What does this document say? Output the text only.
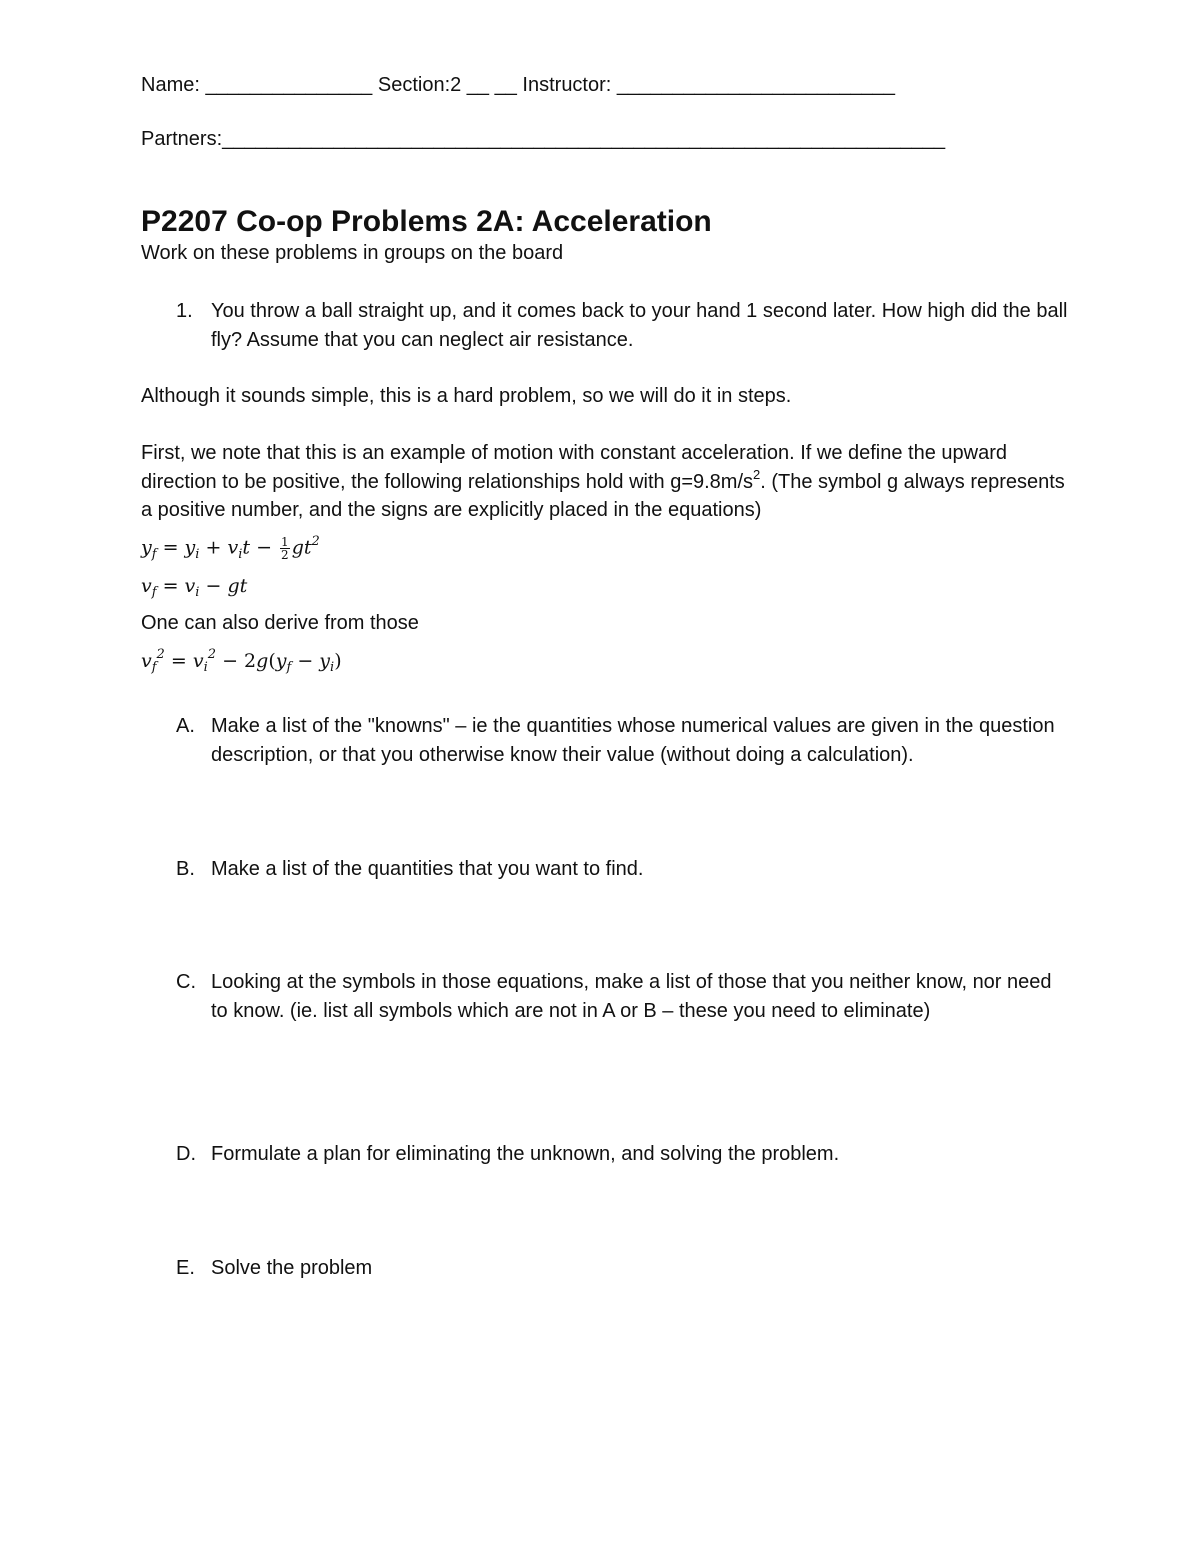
Name: _______________ Section:2 __ __ Instructor: _________________________
Partners:_________________________________________________________________
P2207 Co-op Problems 2A: Acceleration
Work on these problems in groups on the board
1. You throw a ball straight up, and it comes back to your hand 1 second later. How high did the ball fly? Assume that you can neglect air resistance.
Although it sounds simple, this is a hard problem, so we will do it in steps.
First, we note that this is an example of motion with constant acceleration. If we define the upward direction to be positive, the following relationships hold with $g=9.8m/s^2$. (The symbol g always represents a positive number, and the signs are explicitly placed in the equations)
$y_f = y_i + v_it - \frac{1}{2} gt^2$
$v_f = v_i$ − gt
One can also derive from those
$v_f^2 = v_i^2 - 2g(y_f - y_i)$
A. Make a list of the "knowns" – ie the quantities whose numerical values are given in the question description, or that you otherwise know their value (without doing a calculation).
B. Make a list of the quantities that you want to find.
C. Looking at the symbols in those equations, make a list of those that you neither know, nor need to know. (ie. list all symbols which are not in A or B – these you need to eliminate)
D. Formulate a plan for eliminating the unknown, and solving the problem.
E. Solve the problem
